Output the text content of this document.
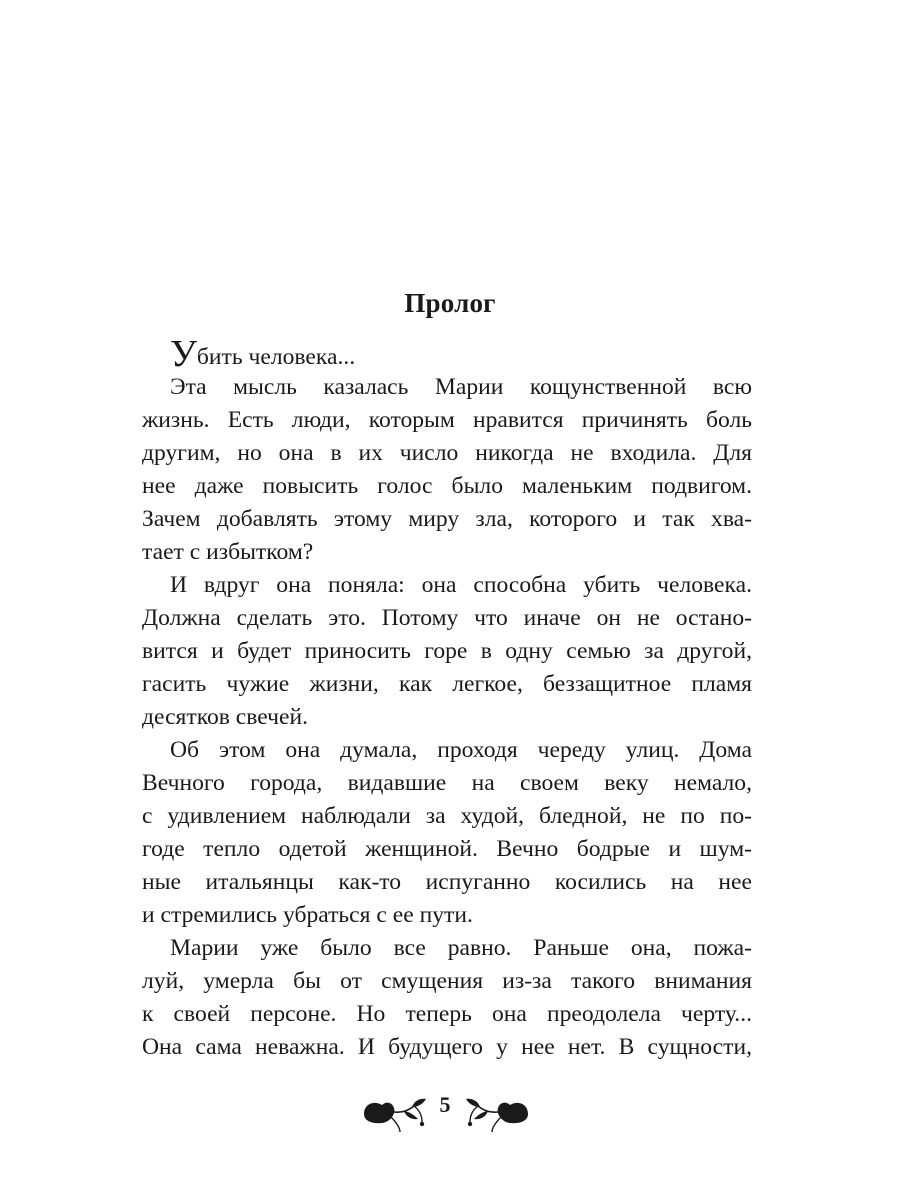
Пролог
Убить человека...
Эта мысль казалась Марии кощунственной всю
жизнь. Есть люди, которым нравится причинять боль
другим, но она в их число никогда не входила. Для
нее даже повысить голос было маленьким подвигом.
Зачем добавлять этому миру зла, которого и так хва-
тает с избытком?
И вдруг она поняла: она способна убить человека.
Должна сделать это. Потому что иначе он не остано-
вится и будет приносить горе в одну семью за другой,
гасить чужие жизни, как легкое, беззащитное пламя
десятков свечей.
Об этом она думала, проходя череду улиц. Дома
Вечного города, видавшие на своем веку немало,
с удивлением наблюдали за худой, бледной, не по по-
годе тепло одетой женщиной. Вечно бодрые и шум-
ные итальянцы как-то испуганно косились на нее
и стремились убраться с ее пути.
Марии уже было все равно. Раньше она, пожа-
луй, умерла бы от смущения из-за такого внимания
к своей персоне. Но теперь она преодолела черту...
Она сама неважна. И будущего у нее нет. В сущности,
5
